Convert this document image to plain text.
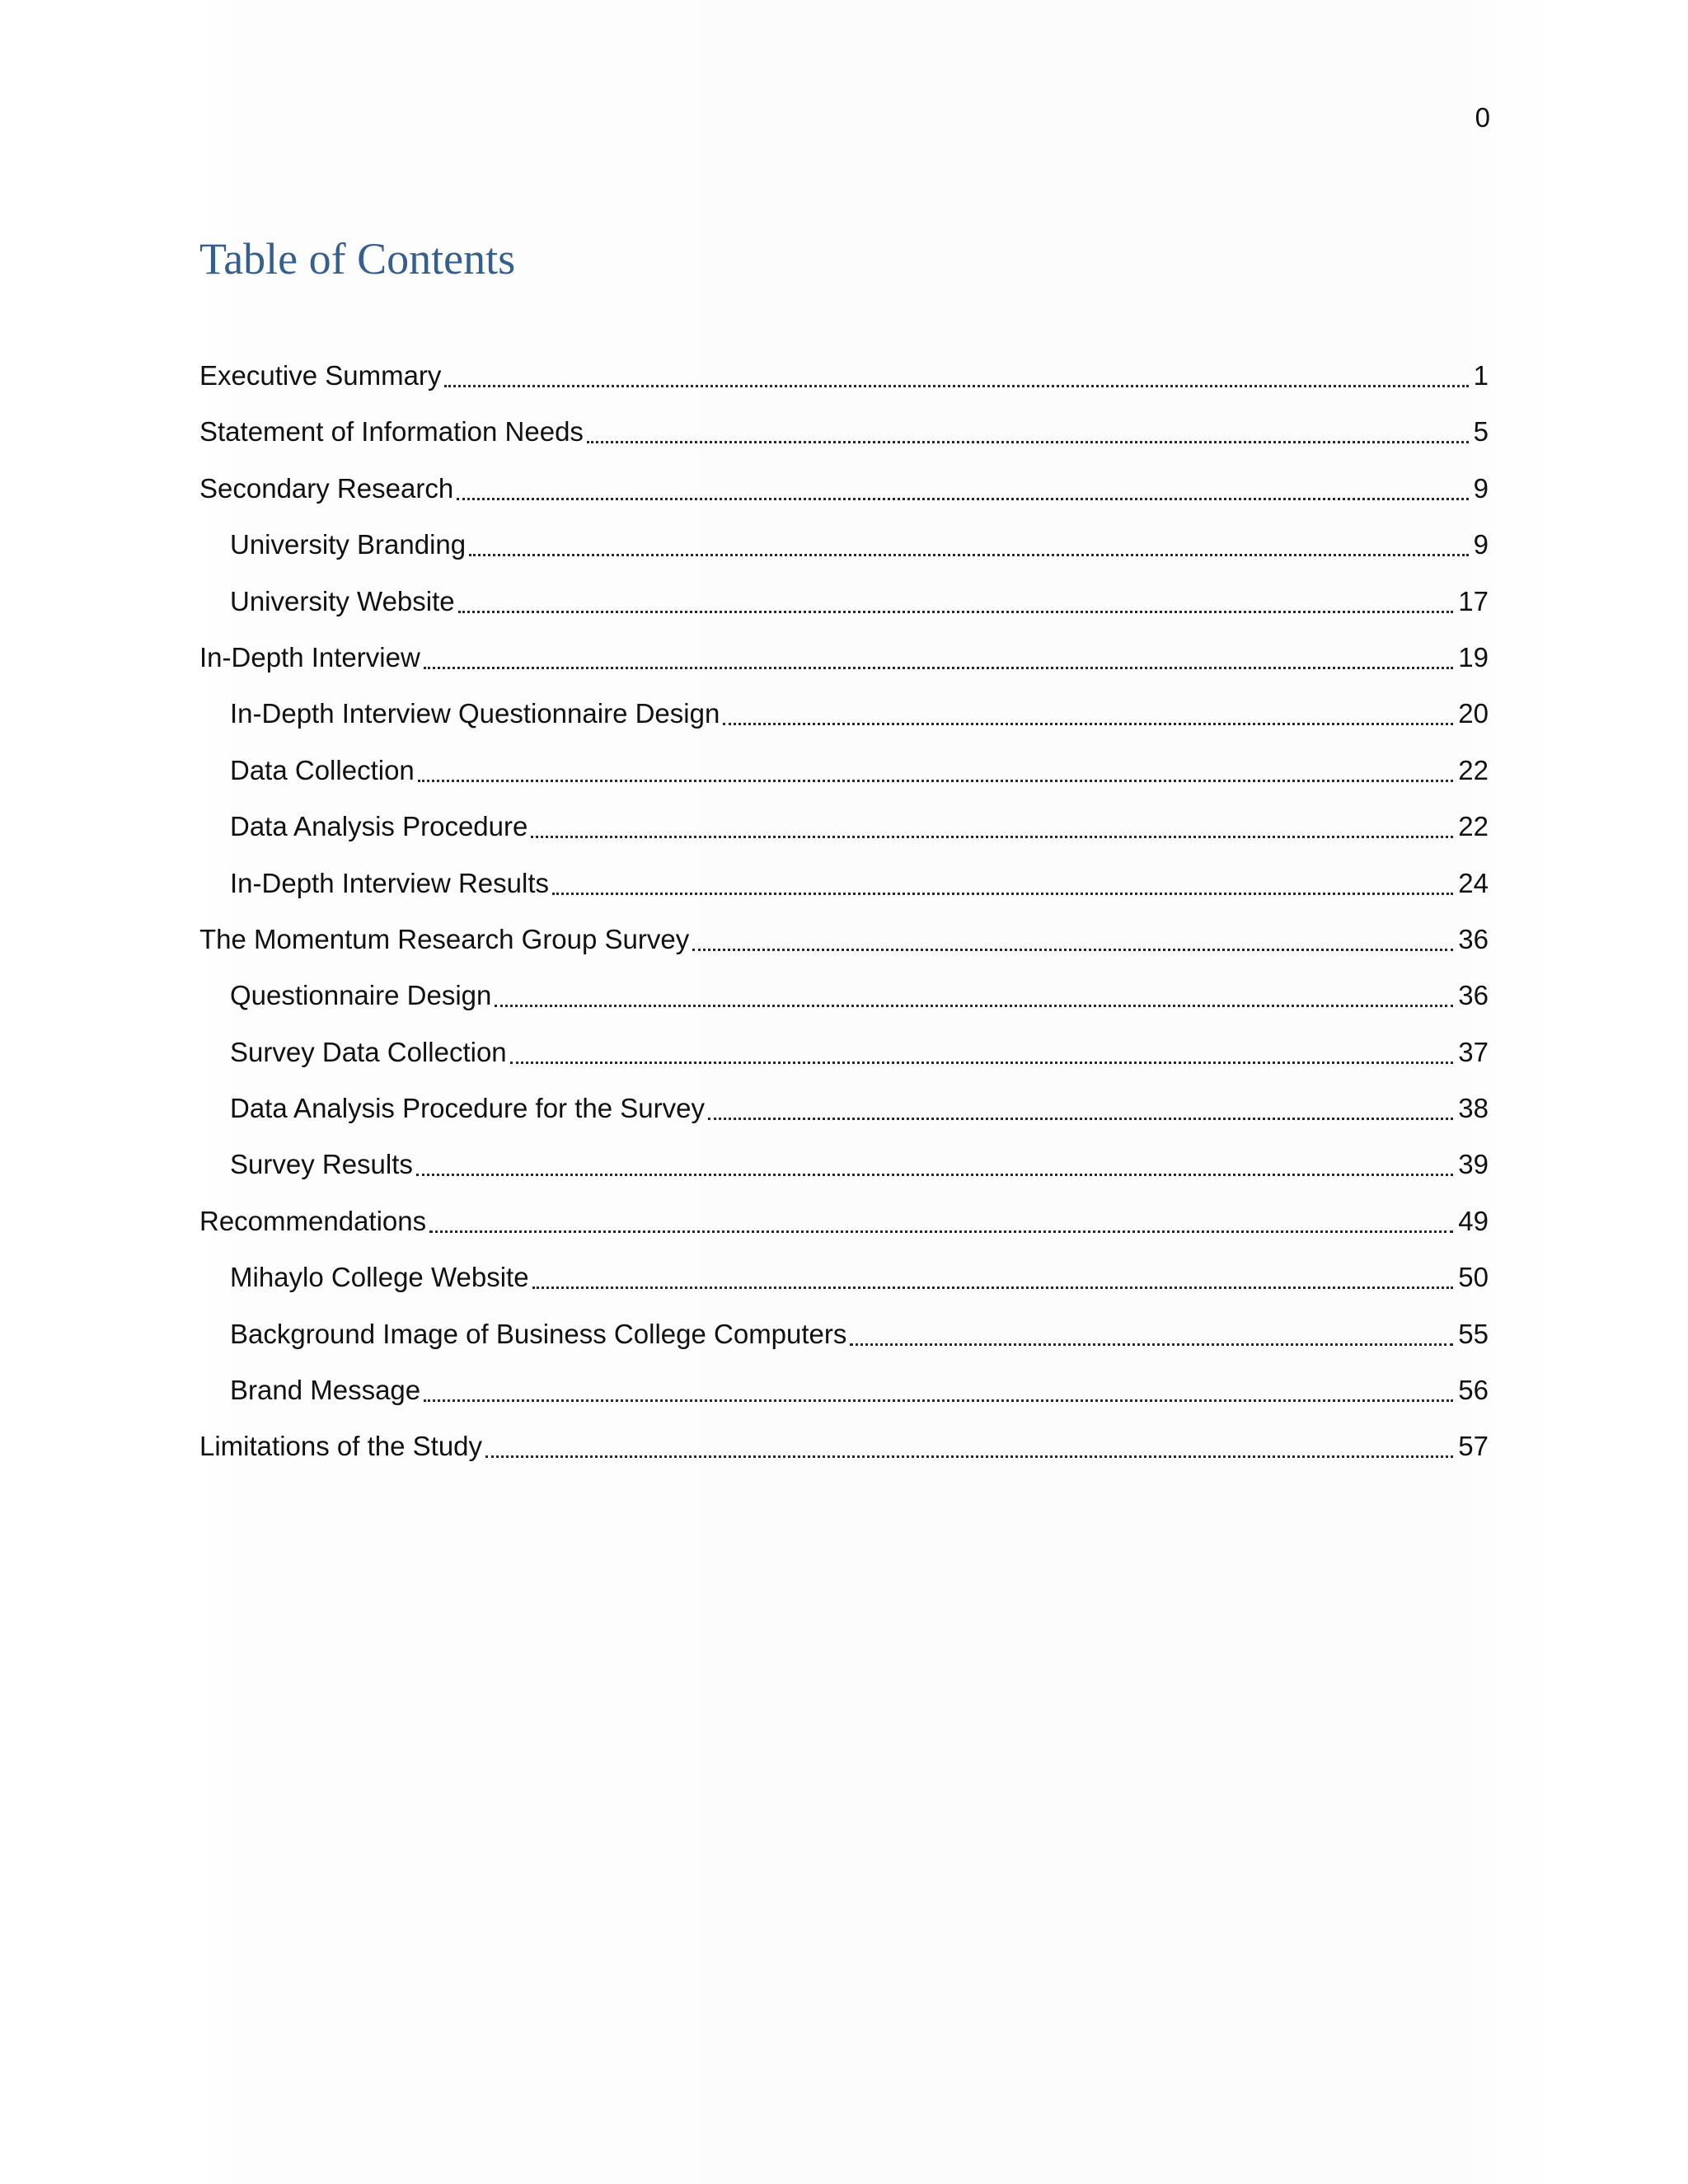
0
Table of Contents
Executive Summary	1
Statement of Information Needs	5
Secondary Research	9
University Branding	9
University Website	17
In-Depth Interview	19
In-Depth Interview Questionnaire Design	20
Data Collection	22
Data Analysis Procedure	22
In-Depth Interview Results	24
The Momentum Research Group Survey	36
Questionnaire Design	36
Survey Data Collection	37
Data Analysis Procedure for the Survey	38
Survey Results	39
Recommendations	49
Mihaylo College Website	50
Background Image of Business College Computers	55
Brand Message	56
Limitations of the Study	57
